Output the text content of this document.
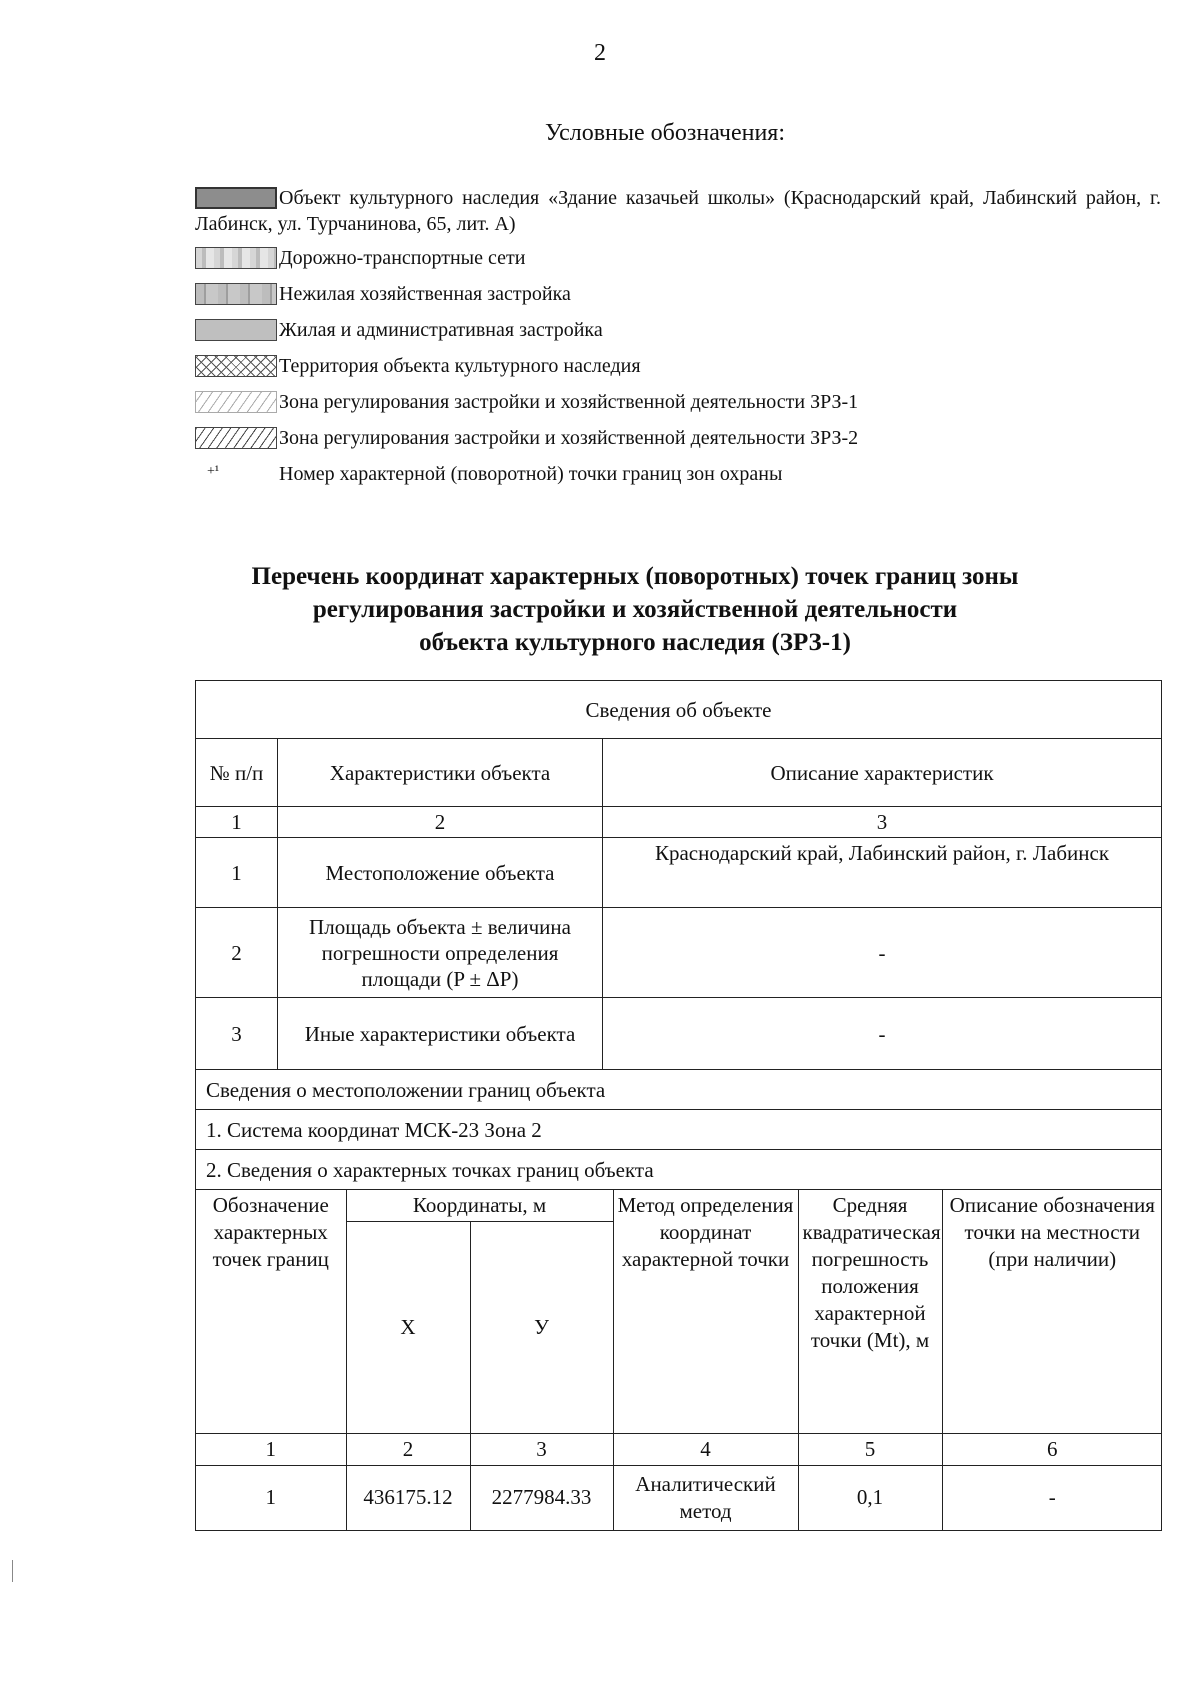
2
Условные обозначения:
Объект культурного наследия «Здание казачьей школы» (Краснодарский край, Лабинский район, г. Лабинск, ул. Турчанинова, 65, лит. А)
Дорожно-транспортные сети
Нежилая хозяйственная застройка
Жилая и административная застройка
Территория объекта культурного наследия
Зона регулирования застройки и хозяйственной деятельности ЗРЗ-1
Зона регулирования застройки и хозяйственной деятельности ЗРЗ-2
+¹	Номер характерной (поворотной) точки границ зон охраны
Перечень координат характерных (поворотных) точек границ зоны
регулирования застройки и хозяйственной деятельности
объекта культурного наследия (ЗРЗ-1)
Сведения об объекте
№ п/п	Характеристики объекта	Описание характеристик
1	2	3
1	Местоположение объекта	Краснодарский край, Лабинский район, г. Лабинск
2	Площадь объекта ± величина погрешности определения площади (P ± ΔP)	-
3	Иные характеристики объекта	-
Сведения о местоположении границ объекта
1. Система координат МСК-23 Зона 2
2. Сведения о характерных точках границ объекта

Обозначение характерных точек границ	Координаты, м	Метод определения координат характерной точки	Средняя квадратическая погрешность положения характерной точки (Mt), м	Описание обозначения точки на местности (при наличии)
X	У
1	2	3	4	5	6
1	436175.12	2277984.33	Аналитический метод	0,1	-
